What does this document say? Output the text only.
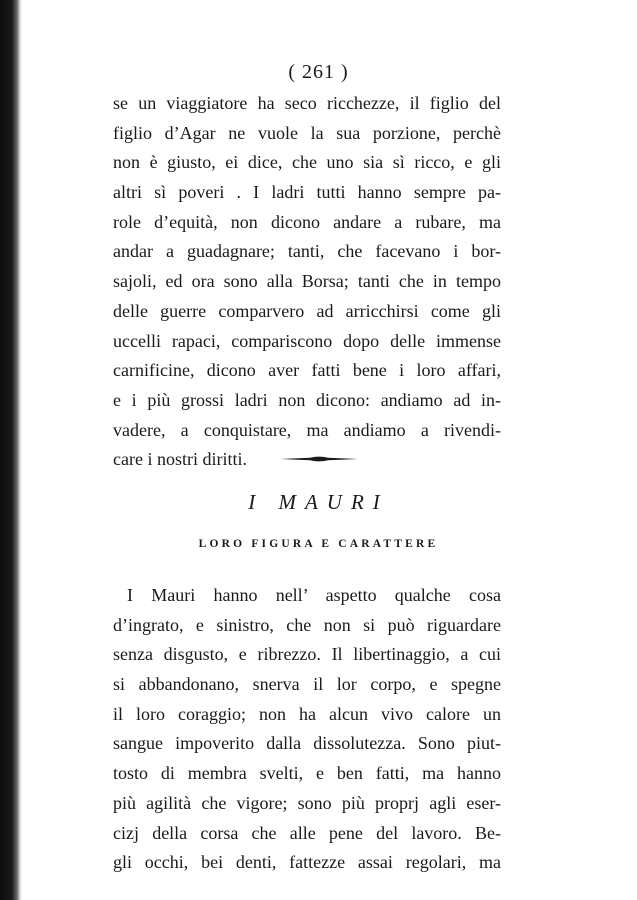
( 261 )
se un viaggiatore ha seco ricchezze, il figlio del
figlio d’Agar ne vuole la sua porzione, perchè
non è giusto, ei dice, che uno sia sì ricco, e gli
altri sì poveri . I ladri tutti hanno sempre pa-
role d’equità, non dicono andare a rubare, ma
andar a guadagnare; tanti, che facevano i bor-
sajoli, ed ora sono alla Borsa; tanti che in tempo
delle guerre comparvero ad arricchirsi come gli
uccelli rapaci, compariscono dopo delle immense
carnificine, dicono aver fatti bene i loro affari,
e i più grossi ladri non dicono: andiamo ad in-
vadere, a conquistare, ma andiamo a rivendi-
care i nostri diritti.
I MAURI
LORO FIGURA E CARATTERE
I Mauri hanno nell’ aspetto qualche cosa
d’ingrato, e sinistro, che non si può riguardare
senza disgusto, e ribrezzo. Il libertinaggio, a cui
si abbandonano, snerva il lor corpo, e spegne
il loro coraggio; non ha alcun vivo calore un
sangue impoverito dalla dissolutezza. Sono piut-
tosto di membra svelti, e ben fatti, ma hanno
più agilità che vigore; sono più proprj agli eser-
cizj della corsa che alle pene del lavoro. Be-
gli occhi, bei denti, fattezze assai regolari, ma
